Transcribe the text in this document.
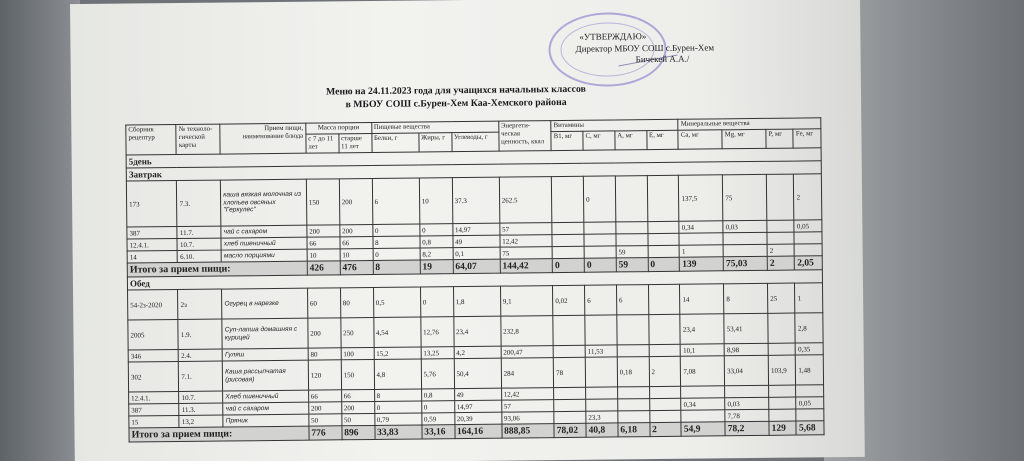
«УТВЕРЖДАЮ»
Директор МБОУ СОШ с.Бурен-Хем
Бичекей А.А./
Меню на 24.11.2023 года для учащихся начальных классов
в МБОУ СОШ с.Бурен-Хем Каа-Хемского района
Сборник рецептур	№ техноло-гической карты	Прием пищи, наименование блюда	Масса порции		Пищевые вещества			Энергети-ческая ценность, ккал	Витамины				Минеральные вещества			
			с 7 до 11 лет	старше 11 лет	Белки, г	Жиры, г	Углеводы, г		В1, мг	С, мг	А, мг	Е, мг	Ca, мг	Mg, мг	P, мг	Fe, мг
5день																
Завтрак																
173	7.3.	каша вязкая молочная из хлопьев овсяных "Геркулес"	150	200	6	10	37.3	262.5		0			137,5	75		2
387	11.7.	чай с сахаром	200	200	0	0	14,97	57					0,34	0,03		0,05
12.4.1.	10.7.	хлеб пшеничный	66	66	8	0,8	49	12,42								
14	6.10.	масло порциями	10	10	0	8,2	0,1	75			59		1		2	
Итого за прием пищи:			426	476	8	19	64,07	144,42	0	0	59	0	139	75,03	2	2,05
Обед																
54-2з-2020	2з	Огурец в нарезке	60	80	0,5	0	1,8	9,1	0,02	6	6		14	8	25	1
2005	1.9.	Суп-лапша домашняя с курицей	200	250	4,54	12,76	23,4	232,8					23,4	53,41		2,8
346	2.4.	Гуляш	80	100	15,2	13,25	4,2	200,47		11,53			10,1	8,98		0,35
302	7.1.	Каша рассыпчатая (рисовая)	120	150	4,8	5,76	50,4	284	78		0,18	2	7,08	33,04	103,9	1,48
12.4.1.	10.7.	Хлеб пшеничный	66	66	8	0,8	49	12,42								
387	11.3.	чай с сахаром	200	200	0	0	14,97	57					0,34	0,03		0,05
15	13,2	Пряник	50	50	0,79	0,59	20,39	93,06		23,3				7,78		
Итого за прием пищи:			776	896	33,83	33,16	164,16	888,85	78,02	40,8	6,18	2	54,9	78,2	129	5,68
